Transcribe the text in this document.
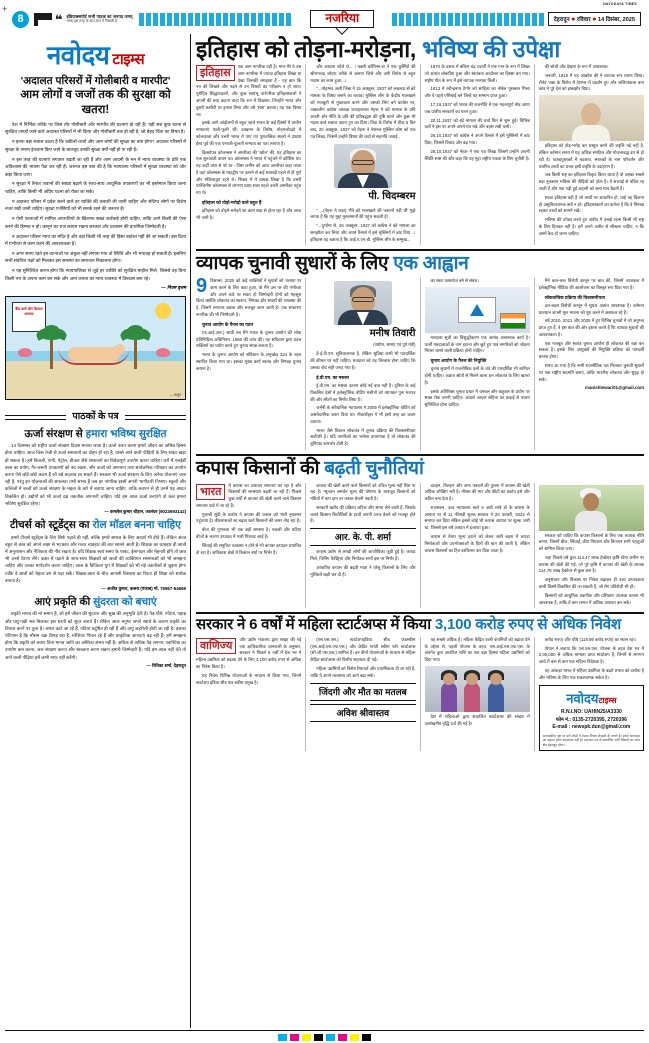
+
8	❝ इंडियाक्सपोर्ट सभी पाठक का जनपद जगत्
भाषा इस तरह के बात-बात में निखारी है	नजरिया	देहरादून ● रविवार ● 14 दिसंबर, 2025
NAVODAYA TIMES
नवोदय टाइम्स
'अदालत परिसरों में गोलीबारी व मारपीट'
आम लोगों व जजों तक की सुरक्षा को खतरा!

देश में निर्भिक तरीके पर जिस तौर गोलीबारी और मारपीट की घटनाएं हो रही हैं। यही सब कुछ घटना से सुरक्षित जगहों जाने वाले अदालत परिसरों में भी किया और गोलीबारी तक हो रही है, जो बेहद चिंता का विषय है।

न इतना बड़ा सवाल उठता है कि वकीलों-जजों और आम लोगों की सुरक्षा का क्या होगा? अदालत परिसरों में सुरक्षा के तमाम इंतजाम किए जाने के बावजूद उनकी सुरक्षा क्यों नहीं हो पा रही है।

न इस तरह की घटनाएं लगातार बढ़ती जा रही हैं और आम आदमी के मन में न्याय व्यवस्था के प्रति एक अविश्वास की भावना पैदा कर रही हैं। जरूरत इस बात की है कि न्यायालय परिसरों में सुरक्षा व्यवस्था को और कड़ा किया जाए।

न सुरक्षा में तैनात जवानों की संख्या बढ़ाने के साथ-साथ आधुनिक उपकरणों का भी इस्तेमाल किया जाना चाहिए, ताकि किसी भी अप्रिय घटना को रोका जा सके।

न अदालत परिसर में प्रवेश करने वाले हर व्यक्ति की तलाशी ली जानी चाहिए और संदिग्ध लोगों पर विशेष नजर रखी जानी चाहिए। सुरक्षा एजेंसियों को भी सतर्क रहने की जरूरत है।

न ऐसी घटनाओं में शामिल अपराधियों के खिलाफ सख्त कार्रवाई होनी चाहिए, ताकि आगे किसी की ऐसा करने की हिम्मत न हो। कानून का राज कायम रखना सरकार और प्रशासन की प्राथमिक जिम्मेदारी है।

न अदालत परिसर न्याय का मंदिर है और वहां किसी भी तरह की हिंसा बर्दाश्त नहीं की जा सकती। इस दिशा में गंभीरता से काम करने की आवश्यकता है।

न अगर समय रहते इन घटनाओं पर अंकुश नहीं लगाया गया तो स्थिति और भी भयावह हो सकती है। इसलिए सभी संबंधित पक्षों को मिलकर इस समस्या का समाधान निकालना होगा।

न यह सुनिश्चित करना होगा कि न्यायपालिका से जुड़े हर व्यक्ति को सुरक्षित माहौल मिले, जिससे वह बिना किसी भय के अपना काम कर सके और आम जनता का न्याय व्यवस्था में विश्वास बना रहे।

— नियम वृत्तम
बैंक कर्ज और किसान समस्या
— कार्टून
पाठकों के पत्र
ऊर्जा संरक्षण से हमारा भविष्य सुरक्षित

14 दिसम्बर को राष्ट्रीय ऊर्जा संरक्षण दिवस मनाया जाता है। ऊर्जा बचत करना हमारे जीवन का अभिन्न हिस्सा होना चाहिए। आज जिस तेजी से ऊर्जा संसाधनों का दोहन हो रहा है, उससे आने वाली पीढ़ियों के लिए संकट खड़ा हो सकता है। हमें बिजली, पानी, पेट्रोल, डीजल जैसे संसाधनों का विवेकपूर्ण उपयोग करना चाहिए। घरों में एलईडी बल्ब का प्रयोग, गैर-जरूरी उपकरणों को बंद रखना, सौर ऊर्जा को अपनाना तथा सार्वजनिक परिवहन का उपयोग करना ऐसे छोटे-छोटे कदम हैं जो बड़े बदलाव ला सकते हैं। सरकार भी ऊर्जा संरक्षण के लिए अनेक योजनाएं चला रही है, परंतु इन योजनाओं की सफलता तभी संभव है जब हर नागरिक इसमें अपनी भागीदारी निभाए। स्कूलों और कॉलेजों में बच्चों को ऊर्जा संरक्षण के महत्व के बारे में बताया जाना चाहिए, ताकि बचपन से ही उनमें यह आदत विकसित हो। उद्योगों को भी ऊर्जा दक्ष तकनीक अपनानी चाहिए। यदि हम आज ऊर्जा बचाएंगे तो कल हमारा भविष्य सुरक्षित रहेगा।

— कमलेश कुमार चौहान, जालंधर (9023693142)
टीचर्स को स्टूडेंट्स का रोल मॉडल बनना चाहिए

हमारे टीचर्स स्टूडेंट्स के लिए सिर्फ पढ़ाते ही नहीं, बल्कि हमारे समाज के लिए आदर्श भी होते हैं। लेकिन आज बहुत से छात्र को अपने लक्ष्य से भटकाव और गलत व्यवहार की बात सामने आती है। शिक्षक का व्यवहार ही छात्रों में अनुशासन और नैतिकता की नींव रखता है। यदि शिक्षक स्वयं समय के पाबंद, ईमानदार और मेहनती होंगे तो छात्र भी उनसे प्रेरणा लेंगे। कक्षा में पढ़ाने के साथ-साथ शिक्षकों को छात्रों की व्यक्तिगत समस्याओं को भी समझना चाहिए और उनका मार्गदर्शन करना चाहिए। आज के डिजिटल युग में शिक्षकों को भी नई तकनीकों से जुड़ना होगा ताकि वे छात्रों को बेहतर ढंग से पढ़ा सकें। शिक्षक-छात्र के बीच आपसी विश्वास का रिश्ता ही शिक्षा को सार्थक बनाता है।

— अजीत कुमार, कसरा (पंजाब) मो. 76967-54669
आएं प्रकृति की सुंदरता को बचाएं

प्रकृति मानव की मां समान है, जो हमें जीवन की सुंदरता और सुख की अनुभूति देती है। पेड़-पौधे, नदियां, पहाड़ और पशु-पक्षी सब मिलकर इस धरती को सुंदर बनाते हैं। लेकिन आज मनुष्य अपने स्वार्थ के कारण प्रकृति का विनाश करने पर तुला है। जंगल काटे जा रहे हैं, नदियां प्रदूषित हो रही हैं और वायु जहरीली होती जा रही है। इसका परिणाम है कि मौसम चक्र बिगड़ रहा है, ग्लेशियर पिघल रहे हैं और प्राकृतिक आपदाएं बढ़ रही हैं। हमें समझना होगा कि प्रकृति को बचाए बिना मानव जाति का अस्तित्व संभव नहीं है। अधिक से अधिक पेड़ लगाना, प्लास्टिक का उपयोग कम करना, जल संरक्षण करना और स्वच्छता बनाए रखना हमारी जिम्मेदारी है। यदि हम आज नहीं चेते तो आने वाली पीढ़ियां हमें कभी माफ नहीं करेंगी।

— रितिका शर्मा, देहरादून
इतिहास को तोड़ना-मरोड़ना, भविष्य की उपेक्षा
इतिहास

एक आम नागरिक वही है। मगर मेरे वे उस आम नागरिक में ज्यादा इतिहास लिखा या देखा जिसकी समझता है - यह बात कि नव की लिखने और पढ़ने से उन विषयों का परीक्षण न हो जाए। पुरोहित सिद्धांतकारों, और कुछ स्वयंभू पारंपरिक इतिहासकारों ने अपनी की तरह कहना चाहा कि रूप में दिखाया, जिन्होंने भारत और दूसरी कसौटी पर इमला लिया और उसे 'सत्य' बनाया। यह एक विषय था।

इसके आगे आंदोलनों से बहुत पहले भारत के कई हिस्सों में प्राचीन सभ्यताएं फली-फूली थीं। उत्खनन के विशेष, मोहनजोदड़ो में कोलकाता और उत्तरी भारत में पाए गए पुरातत्विक स्थलों ने 2500 ईसा पूर्व की एक पनपती-फूलती सभ्यता का पता लगाया है।

क्रिस्टोफर कोलम्बस ने अमरीका की 'खोज' की, यह इतिहास का एक शुरुआती कथन था। कोलम्बस ने भारत में पहुंचने में कोशिश था। यह कहीं तथ्य से परे था - जिस जमीन को आज अमरीका कहा जाता है वहां कोलम्बस के महाद्वीप पर उतरने से कई शताब्दी पहले से ही पूर्ण और मंजिलाद्वय रहते थे। शिखर में ने प्रत्यक्ष लिखा है कि उत्तरी पाश्चिमीय कोलम्बस से लगभग 500 साल पहले उत्तरी अमरीका पहुंच गए थे।

इतिहास को तोड़ो-मरोड़ो वाले बहुत हैं

इतिहास को तोड़ने-मरोड़ने का काम सदा से होता रहा है और आज भी जारी है।

और अध्याय फोले थे... । वक्ती कॉमिन्स-डा ने एक कुर्सियों की श्रीरामचंद्र जोहरा तरीके से बनाया जिसे और उसी विरोध से बहुत मध्यम का काम हुआ...।

"...मोहम्मद अली जिन्ना ने 15 अक्तूबर, 1937 को लखनऊ से बंटे मामला के विषय बनाने का बचाव। मुस्लिम लीग के केंद्रीय मालखाने को मजबूती से मुकाबला करने और उसको लिए बने कांग्रेस पर, तत्कालीन कांग्रेस अध्यक्ष जवाहरलाल नेहरू ने बंटे मामला के प्रति अपनी और नीति के प्रति की प्रतिबद्धता की पुष्टि करने और कुछ भी महत्व वाले सवाल उठाए हुए का दिया। विदा के विरोध में ठीक 5 दिन बाद, 20 अक्तूबर, 1937 को नेहरू ने नेशनल मुस्लिम कोष को एक पत्र लिखा, जिसमें उन्होंने विषय की चर्चा से सहमति जताई..

पी. चिदम्बरम

'' ...(नेहरू ने कहा) 'मैंने बंटे मालखाने की जरूरतें पड़ी थीं' मुझे लगता है कि यह मुद्दा मुसलमानों की पहुंच सकती है!

''...दुर्भाग्य से, 26 अक्तूबर, 1937 को कांग्रेस ने बंटे मामला का समझौता कर लिया और अपने फैसले में इसे मुस्लिमों में बांट दिया...। इतिहास यह बताता है कि आई.ए.एन.बी. मुस्लिम लीग के सम्मुख...

1870 के दशक में बंकिम चंद्र चटर्जी ने एक गान के रूप में लिखा जो अत्यंत लोकप्रिय हुआ और स्वतंत्रता आंदोलन का हिस्सा बन गया। राष्ट्रीय गीत के रूप में इसे व्यापक मान्यता मिली।

1913 में रवीन्द्रनाथ टैगोर को साहित्य का नोबेल पुरस्कार मिला और वे पहले एशियाई बने जिन्हें यह सम्मान प्राप्त हुआ।

17,19,1937 को भारत की राजनीति में एक महत्वपूर्ण मोड़ आया जब प्रांतीय सरकारों का गठन हुआ।

20,11,1937 को बंटे मामला की चर्चा फिर से शुरू हुई। विभिन्न दलों ने इस पर अपने-अपने मत रखे और बहस लंबी चली।

26,10,1937 को कांग्रेस ने अपने फैसले में इसे मुस्लिमों में बांट दिया, जिससे विवाद और बढ़ गया।

28,10,1937 को नेहरू ने एक पत्र लिखा जिसमें उन्होंने अपनी स्थिति स्पष्ट की और कहा कि यह मुद्दा राष्ट्रीय एकता के लिए चुनौती है।

की सोची और देखना के रूप में आवश्यक।

जनवरी, 1919 में यह आक्रोश की ने व्यापक रूप धारण किया। रॉलेट एक्ट के विरोध में देशभर में प्रदर्शन हुए और जलियांवाला बाग कांड ने पूरे देश को झकझोर दिया।

इतिहास को तोड़-मरोड़ कर प्रस्तुत करने की प्रवृत्ति नई नहीं है, लेकिन वर्तमान समय में यह अधिक संगठित और योजनाबद्ध ढंग से हो रही है। पाठ्यपुस्तकों में बदलाव, स्मारकों के नाम परिवर्तन और चयनित तथ्यों का प्रचार इसी प्रवृत्ति के उदाहरण हैं।

जब किसी राष्ट्र का इतिहास विकृत किया जाता है तो उसका सबसे बड़ा नुकसान भविष्य की पीढ़ियों को होता है। वे सच्चाई से वंचित रह जाती हैं और एक गढ़ी हुई कहानी को सत्य मान बैठती हैं।

सच्चा इतिहास वही है जो तथ्यों पर आधारित हो, चाहे वह कितना ही असुविधाजनक क्यों न हो। इतिहासकारों का कर्तव्य है कि वे निष्पक्ष रहकर तथ्यों को सामने रखें।

भविष्य की उपेक्षा करते हुए अतीत में उलझे रहना किसी भी राष्ट्र के लिए हितकर नहीं है। हमें अपने अतीत से सीखना चाहिए, न कि उसमें कैद हो जाना चाहिए।

व्यापक चुनावी सुधारों के लिए एक आह्वान
9 दिसम्बर, 2025 को कई व्यक्तियों ने सुधारों को चलाया पर काम करने के लिए कहा हुआ, तो मैंने उस पर की गंभीरता और अपने कंधे पर सवार हो जिम्मेदारी होनों को महसूस किया क्योंकि लोकतंत्र का स्वरूप, निष्पक्ष और संघर्षों की व्यवस्था की है, जिसमें लगातार खराब और मजबूत काम आती है। एक साधारण नागरिक की भी जिम्मेदारी है।

चुनाव आयोग के पैनल का गठन

(फ.आई.आर.) साथी तब मैंने भारत के चुनाव आयोग की लोक प्रतिनिधित्व अधिनियम, 1950 की जांच की। यह संविधान द्वारा प्रदत्त शक्तियों का प्रयोग करते हुए चुनाव संपन्न कराता है।

भारत के चुनाव आयोग को संविधान के अनुच्छेद 324 के तहत स्थापित किया गया था। इसका मुख्य कार्य स्वतंत्र और निष्पक्ष चुनाव कराना है।

मनीष तिवारी
(वकील, सांसद एवं पूर्व मंत्री)

है-ई.वी.एम. सुविधाजनक है, लेकिन सुविधा कभी भी पारदर्शिता की कीमत पर नहीं चाहिए। मतदाता को यह विश्वास होना चाहिए कि उसका वोट सही जगह गया है।

ई.वी.एम. का मसला

ई.वी.एम. का मसला उठाना कोई नई बात नहीं है। दुनिया के कई विकसित देशों ने इलेक्ट्रॉनिक वोटिंग मशीनों को त्यागकर पुनः मतपत्र की ओर लौटने का निर्णय लिया है।

जर्मनी के संवैधानिक न्यायालय ने 2009 में इलेक्ट्रॉनिक वोटिंग को असंवैधानिक करार दिया था। नीदरलैंड्स ने भी इसी तरह का कदम उठाया।

भारत जैसे विशाल लोकतंत्र में चुनाव प्रक्रिया की विश्वसनीयता सर्वोपरि है। यदि नागरिकों का भरोसा डगमगाता है तो लोकतंत्र की बुनियाद कमजोर होती है।

का स्वतः दस्तावेज बने से संबंध।

मतदाता सूची का विशुद्धीकरण एक अत्यंत आवश्यक कार्य है। फर्जी मतदाताओं के नाम हटाना और छूटे हुए पात्र नागरिकों को जोड़ना निरंतर चलने वाली प्रक्रिया होनी चाहिए।

चुनाव आयोग के पैनल की नियुक्ति

चुनाव सुधारों में राजनीतिक दलों के चंदे की पारदर्शिता भी शामिल होनी चाहिए। अज्ञात स्रोतों से मिलने वाला धन लोकतंत्र के लिए खतरा है।

इसके अतिरिक्त चुनाव प्रचार में धनबल और बाहुबल के प्रयोग पर सख्त रोक लगनी चाहिए। आदर्श आचार संहिता का कड़ाई से पालन सुनिश्चित होना चाहिए।

मैंने कल-कल विरोधी कानून पर बात की, जिसमें आजकल में इलेक्ट्रॉनिक मीडिया की आलोचना का विस्तृत रूप दिया गया है।

लोकतांत्रिक प्रक्रिया की विश्वसनीयता

दल-बदल विरोधी कानून में सुधार अत्यंत आवश्यक है। वर्तमान प्रावधान अपनी मूल भावना को पूरा करने में असफल रहे हैं।

वर्ष 2010, 2021 और 2025 में हुए विभिन्न चुनावों में जो अनुभव प्राप्त हुए हैं, वे इस बात की ओर इशारा करते हैं कि व्यापक सुधारों की आवश्यकता है।

एक मजबूत और स्वतंत्र चुनाव आयोग ही लोकतंत्र की रक्षा कर सकता है। इसके लिए आयुक्तों की नियुक्ति प्रक्रिया को पारदर्शी बनाना होगा।

समय आ गया है कि सभी राजनीतिक दल मिलकर चुनावी सुधारों पर एक राष्ट्रीय सहमति बनाएं, ताकि भारतीय लोकतंत्र और सुदृढ़ हो सके।

manishtewari01@gmail.com
कपास किसानों की बढ़ती चुनौतियां
भारत

में कपास का उत्पादन लगातार घट रहा है और किसानों की समस्याएं बढ़ती जा रही हैं। पिछले कुछ वर्षों से कपास की खेती करने वाले किसान लगातार घाटे में जा रहे हैं।

गुलाबी सुंडी के प्रकोप ने कपास की फसल को भारी नुकसान पहुंचाया है। कीटनाशकों का बढ़ता खर्च किसानों की कमर तोड़ रहा है।

बीज की गुणवत्ता भी एक बड़ी समस्या है। नकली और घटिया बीजों के कारण उत्पादन में भारी गिरावट आई है।

सिंचाई की समुचित व्यवस्था न होने से भी कपास उत्पादन प्रभावित हो रहा है। अधिकांश क्षेत्रों में किसान वर्षा पर निर्भर हैं।

कपास की खेती करने वाले किसानों को उचित मूल्य नहीं मिल पा रहा है। न्यूनतम समर्थन मूल्य की घोषणा के बावजूद किसानों को मंडियों में कम दाम पर फसल बेचनी पड़ती है।

सरकारी खरीद की प्रक्रिया जटिल और समय लेने वाली है, जिसके चलते किसान बिचौलियों के हाथों अपनी उपज बेचने को मजबूर होते हैं।

आर. के. पी. शर्मा

कपास उद्योग से लाखों लोगों की आजीविका जुड़ी हुई है। कपड़ा मिलें, जिनिंग फैक्ट्रियां और निर्यातक सभी इस पर निर्भर हैं।

आयातित कपास की बढ़ती मात्रा ने घरेलू किसानों के लिए और मुश्किलें खड़ी कर दी हैं।

दलहन, तिलहन और अन्य फसलों की तुलना में कपास की खेती अधिक जोखिम भरी है। मौसम की मार और कीटों का प्रकोप इसे और कठिन बना देता है।

राजस्थान, उच्च न्यायालय बाले व अधी लांबे डॉ के कपास के आयात पर से 11 फीसदी शुल्क सरकार ने 20 फरवरी, 2024 से समाप्त कर दिया लेकिन इससे कोई भी कपास आयात पर शुल्क जारी था, जिससे इस वर्ष आयात में इजाफा हुआ।

कपास से तैयार मूल्य हटाने को लेकर जारी बहस में कपड़ा निर्माताओं और उपभोक्ताओं के हितों की बात की जाती है, लेकिन कपास किसानों का हित दरकिनार कर दिया जाता है।

सरकार को चाहिए कि कपास किसानों के लिए एक व्यापक नीति बनाए, जिसमें बीज, सिंचाई, कीट नियंत्रण और विपणन सभी पहलुओं को शामिल किया जाए।

जहां पिछले वर्ष कुल 114.47 लाख हेक्टेयर कृषि योग्य जमीन पर कपास की खेती की गई, जो पूरे कृषि में कपास की खेती के लायक 114.79 लाख हेक्टेयर से कुछ कम है।

अनुसंधान और विकास पर निवेश बढ़ाकर ही उच्च उत्पादकता वाली किस्में विकसित की जा सकती हैं, जो रोग प्रतिरोधी भी हों।

किसानों को आधुनिक तकनीक और प्रशिक्षण उपलब्ध कराना भी आवश्यक है, ताकि वे कम लागत में अधिक उत्पादन कर सकें।

सरकार ने 6 वर्षों में महिला स्टार्टअप्स में किया 3,100 करोड़ रुपए से अधिक निवेश
वाणिज्य

और उद्योग मंत्रालय द्वारा साझा की गई एक आधिकारिक जानकारी के अनुसार, सरकार ने पिछले 6 वर्षों में देश भर में महिला उद्यमिता को बढ़ावा देने के लिए 3,100 करोड़ रुपए से अधिक का निवेश किया है।

यह निवेश विभिन्न योजनाओं के माध्यम से किया गया, जिनमें स्टार्टअप इंडिया सीड फंड स्कीम प्रमुख है।

(एस.एस.एस.) स्टार्टअपइंडिया सीड फंडस्कीम (एस.आई.एस.एफ.एस.) और क्रेडिट गारंटी स्कीम फॉर स्टार्टअप्स (सी.जी.एस.एस.) शामिल हैं। इन तीनों योजनाओं के माध्यम से महिला केंद्रित स्टार्टअप्स को वित्तीय सहायता दी गई।

महिला उद्यमियों को विशेष रियायतें और प्राथमिकता दी जा रही है, ताकि वे अपने व्यवसाय को आगे बढ़ा सकें।

जिंदगी और मौत का मतलब
अविश श्रीवास्तव

यह सबसे अधिक है। महिला केंद्रित वाली कंपनियों को बढ़ावा देने के उद्देश्य से, पहली योजना के तहत, एस.आई.एस.एफ.एस. के अंतर्गत कुल आवंटित राशि का एक बड़ा हिस्सा महिला उद्यमियों को दिया गया।

देश में महिलाओं द्वारा संचालित स्टार्टअप्स की संख्या में उल्लेखनीय वृद्धि दर्ज की गई है।

करोड़ रुपए) और चौथे (119.99 करोड़ रुपए) का स्थान रहा।

गोयल ने बताया कि एस.एस.एस. योजना के तहत देश भर में 2,00,000 से अधिक मान्यता प्राप्त स्टार्टअप हैं, जिनमें से लगभग आधे में कम से कम एक महिला निदेशक है।

यह आंकड़ा भारत में महिला उद्यमिता के बढ़ते प्रभाव को दर्शाता है और भविष्य के लिए एक सकारात्मक संकेत है।

नवोदयटाइम्स
R.N.I.NO: UAHIN25/A3330
फोन नं.: 0135-2720395, 2720396
E-mail : newspk.dun@gmail.com
सम्पादकीय पृष्ठ पर छपे लेखों में व्यक्त विचार लेखकों के अपने हैं। इनसे सम्पादक का सहमत होना आवश्यक नहीं है। समाचार पत्र से सम्बन्धित सभी विवादों का न्याय क्षेत्र देहरादून होगा।
